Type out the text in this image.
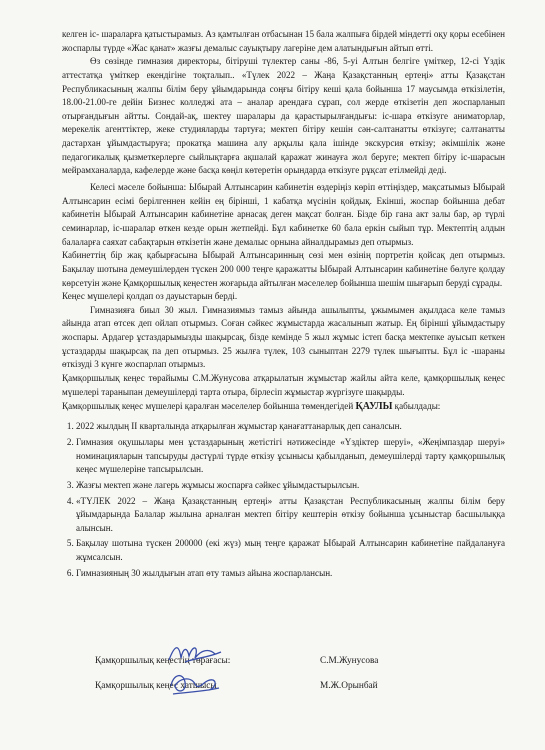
келген іс- шараларға қатыстырамыз. Аз қамтылған отбасынан 15 бала жалпыға бірдей міндетті оқу қоры есебінен жоспарлы түрде «Жас қанат» жазғы демалыс сауықтыру лагеріне дем алатындығын айтып өтті.

Өз сөзінде гимназия директоры, бітіруші түлектер саны -86, 5-уі Алтын белгіге үміткер, 12-сі Үздік аттестатқа үміткер екендігіне тоқталып.. «Түлек 2022 – Жаңа Қазақстанның ертеңі» атты Қазақстан Республикасының жалпы білім беру ұйымдарында соңғы бітіру кеші қала бойынша 17 маусымда өткізілетін, 18.00-21.00-ге дейін Бизнес колледжі ата – аналар арендаға сұрап, сол жерде өткізетін деп жоспарланып отырғандығын айтты. Сондай-ақ, шектеу шаралары да қарастырылғандығы: іс-шара өткізуге аниматорлар, мерекелік агенттіктер, жеке студияларды тартуға; мектеп бітіру кешін сән-салтанатты өткізуге; салтанатты дастархан ұйымдастыруға; прокатқа машина алу арқылы қала ішінде экскурсия өткізу; әкімшілік және педагогикалық қызметкерлерге сыйлықтарға ақшалай қаражат жинауға жол беруге; мектеп бітіру іс-шарасын мейрамханаларда, кафелерде және басқа көңіл көтеретін орындарда өткізуге рұқсат етілмейді деді.

Келесі мәселе бойынша: Ыбырай Алтынсарин кабинетін өздеріңіз көріп өттіңіздер, мақсатымыз Ыбырай Алтынсарин есімі берілгеннен кейін ең біріншi, 1 кабатқа мүсінін қойдық. Екінші, жоспар бойынша дебат кабинетін Ыбырай Алтынсарин кабинетіне арнасақ деген мақсат болған. Біздe бір гана акт залы бар, әр түрлі семинарлар, іс-шаралар өткен кезде орын жетпейді. Бұл кабинетке 60 бала еркін сыйып тұр. Мектептің алдын балаларға саяхат сабақтарын өткізетін және демалыс орнына айналдырамыз деп отырмыз.

Кабинеттің бір жақ қабырғасына Ыбырай Алтынсаринның сөзі мен өзінің портретін қойсақ деп отырмыз. Бақылау шотына демеушілерден түскен 200 000 теңге қаражатты Ыбырай Алтынсарин кабинетіне бөлуге қолдау көрсетуін және Қамқоршылық кеңестен жоғарыда айтылған мәселелер бойынша шешім шығарып беруді сұрады.

Кеңес мүшелері қолдап оз дауыстарын берді.

Гимназияға биыл 30 жыл. Гимназиямыз тамыз айында ашылыпты, ұжымымен ақылдаса келе тамыз айында атап өтсек деп ойлап отырмыз. Соған сәйкес жұмыстарда жасалынып жатыр. Ең бірінші ұйымдастыру жоспары. Ардагер ұстаздарымызды шақырсақ, біздe кемінде 5 жыл жұмыс істеп басқа мектепке ауысып кеткен ұстаздарды шақырсақ па деп отырмыз. 25 жылға түлек, 103 сыныптан 2279 түлек шығыпты. Бұл іс -шараны өткізуді 3 күнге жоспарлап отырмыз.

Қамқоршылық кеңес төрайымы С.М.Жунусова атқарылатын жұмыстар жайлы айта келе, қамқоршылық кеңес мүшелері тараныпан демеушілерді тарта отыра, бірлесіп жұмыстар жүргізуге шақырды.

Қамқоршылық кеңес мүшелері қаралған мәселелер бойынша төмендегідей ҚАУЛЫ қабылдады:

1. 2022 жылдың ІІ кварталында атқарылған жұмыстар қанағаттанарлық деп саналсын.
2. Гимназия оқушылары мен ұстаздарының жетістігі нәтижесінде «Үздіктер шеруі», «Жеңімпаздар шеруі» номинацияларын тапсыруды дәстүрлі түрде өткізу ұсынысы қабылданып, демеушілерді тарту қамқоршылық кеңес мүшелеріне тапсырылсын.
3. Жазғы мектеп және лагерь жұмысы жоспарға сәйкес ұйымдастырылсын.
4. «ТҮЛЕК 2022 – Жаңа Қазақстанның ертеңі» атты Қазақстан Республикасының жалпы білім беру ұйымдарында Балалар жылына арналған мектеп бітіру кештерін өткізу бойынша ұсыныстар басшылыққа алынсын.
5. Бақылау шотына түскен 200000 (екі жүз) мың теңге қаражат Ыбырай Алтынсарин кабинетіне пайдалануға жұмсалсын.
6. Гимназияның 30 жылдығын атап өту тамыз айына жоспарлансын.
Қамқоршылық кеңестің төрағасы:	С.М.Жунусова
Қамқоршылық кеңес хатшысы	М.Ж.Орынбай
